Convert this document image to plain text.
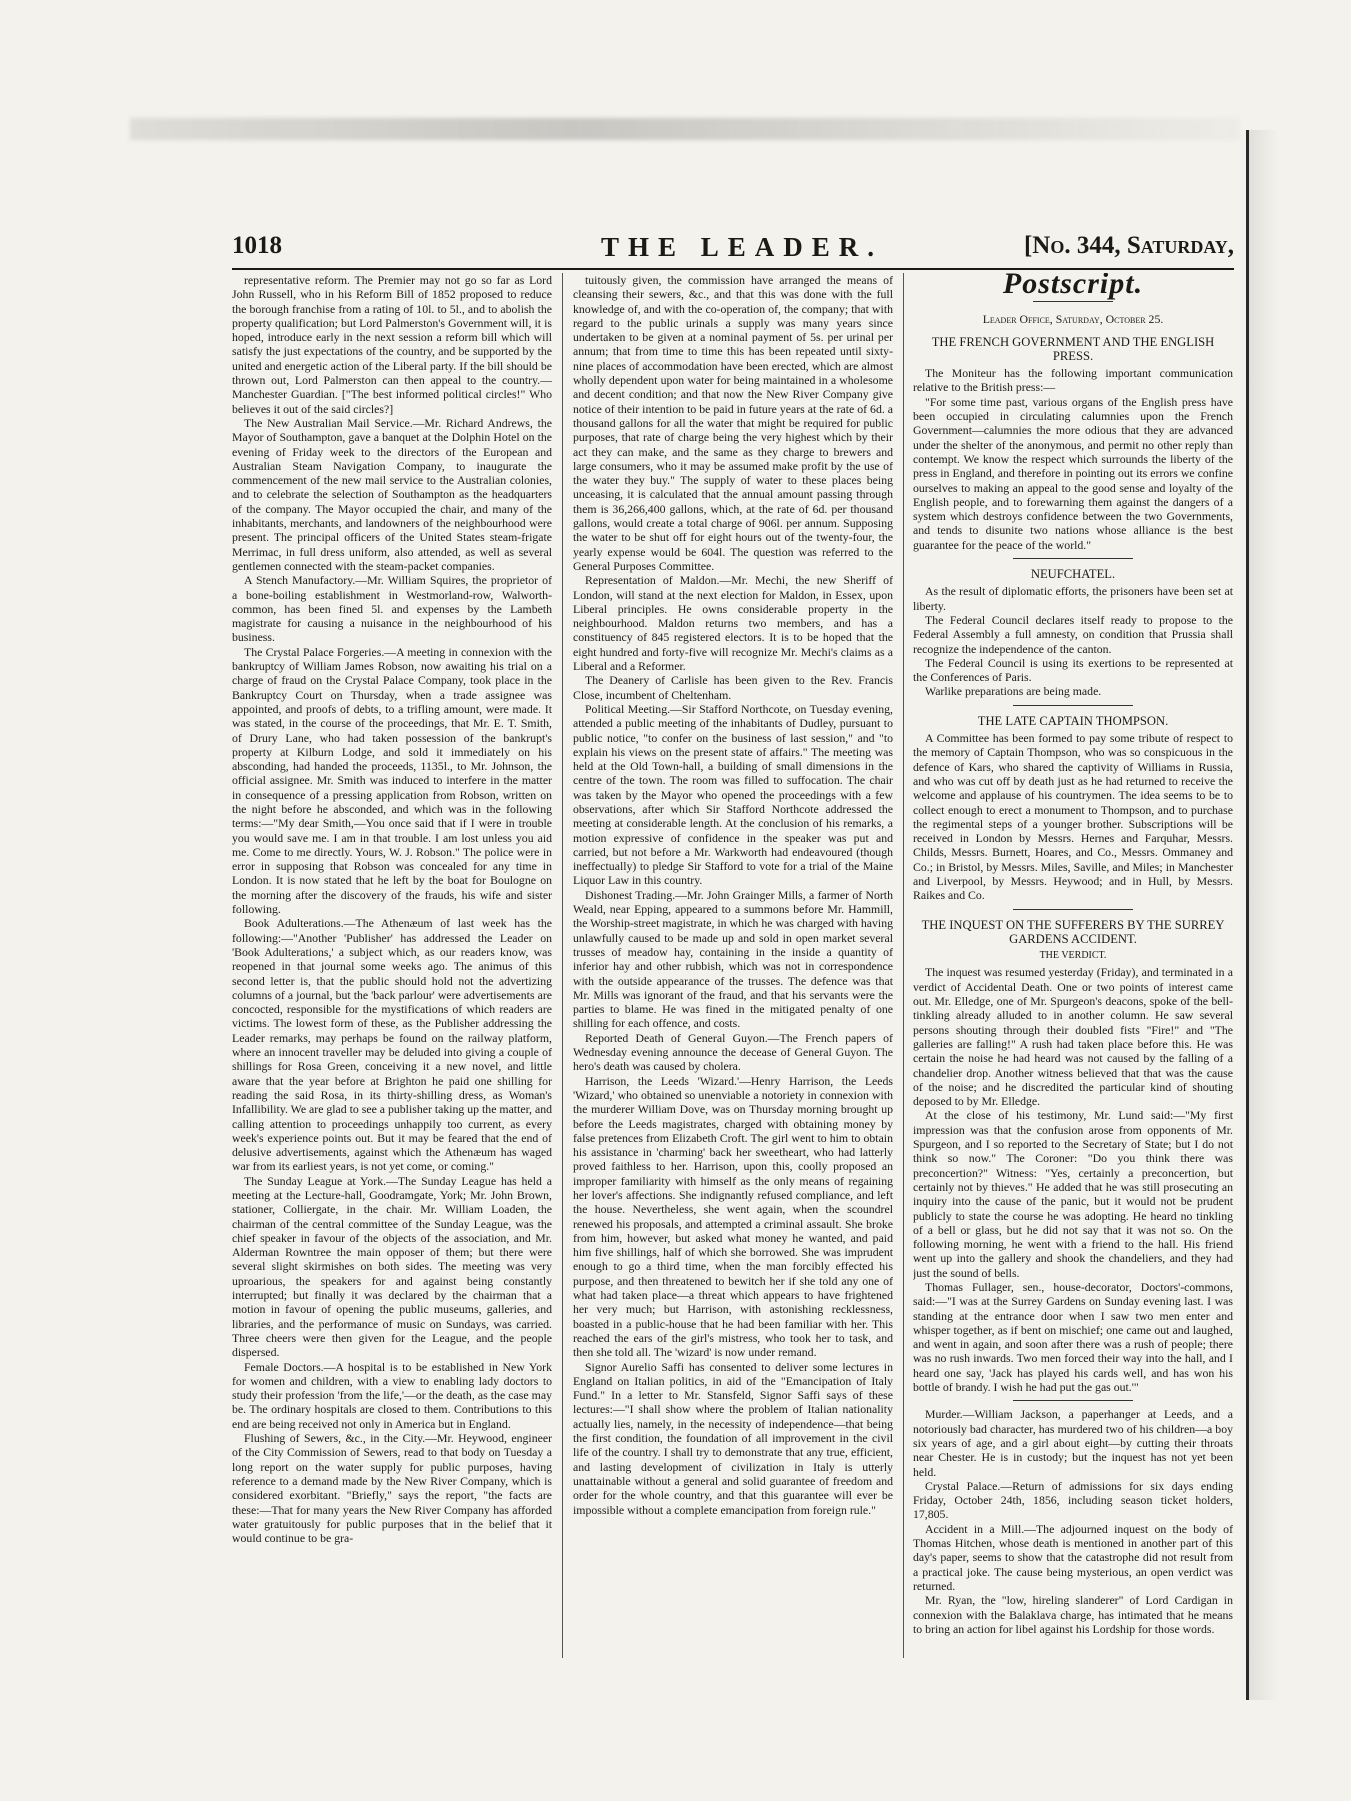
1018	THE LEADER.	[No. 344, Saturday,

representative reform. The Premier may not go so far as Lord John Russell, who in his Reform Bill of 1852 proposed to reduce the borough franchise from a rating of 10l. to 5l., and to abolish the property qualification; but Lord Palmerston's Government will, it is hoped, introduce early in the next session a reform bill which will satisfy the just expectations of the country, and be supported by the united and energetic action of the Liberal party. If the bill should be thrown out, Lord Palmerston can then appeal to the country.—Manchester Guardian. ["The best informed political circles!" Who believes it out of the said circles?]

The New Australian Mail Service.—Mr. Richard Andrews, the Mayor of Southampton, gave a banquet at the Dolphin Hotel on the evening of Friday week to the directors of the European and Australian Steam Navigation Company, to inaugurate the commencement of the new mail service to the Australian colonies, and to celebrate the selection of Southampton as the headquarters of the company. The Mayor occupied the chair, and many of the inhabitants, merchants, and landowners of the neighbourhood were present. The principal officers of the United States steam-frigate Merrimac, in full dress uniform, also attended, as well as several gentlemen connected with the steam-packet companies.

A Stench Manufactory.—Mr. William Squires, the proprietor of a bone-boiling establishment in Westmorland-row, Walworth-common, has been fined 5l. and expenses by the Lambeth magistrate for causing a nuisance in the neighbourhood of his business.

The Crystal Palace Forgeries.—A meeting in connexion with the bankruptcy of William James Robson, now awaiting his trial on a charge of fraud on the Crystal Palace Company, took place in the Bankruptcy Court on Thursday, when a trade assignee was appointed, and proofs of debts, to a trifling amount, were made. It was stated, in the course of the proceedings, that Mr. E. T. Smith, of Drury Lane, who had taken possession of the bankrupt's property at Kilburn Lodge, and sold it immediately on his absconding, had handed the proceeds, 1135l., to Mr. Johnson, the official assignee. Mr. Smith was induced to interfere in the matter in consequence of a pressing application from Robson, written on the night before he absconded, and which was in the following terms:—"My dear Smith,—You once said that if I were in trouble you would save me. I am in that trouble. I am lost unless you aid me. Come to me directly. Yours, W. J. Robson." The police were in error in supposing that Robson was concealed for any time in London. It is now stated that he left by the boat for Boulogne on the morning after the discovery of the frauds, his wife and sister following.

Book Adulterations.—The Athenæum of last week has the following:—"Another 'Publisher' has addressed the Leader on 'Book Adulterations,' a subject which, as our readers know, was reopened in that journal some weeks ago. The animus of this second letter is, that the public should hold not the advertizing columns of a journal, but the 'back parlour' were advertisements are concocted, responsible for the mystifications of which readers are victims. The lowest form of these, as the Publisher addressing the Leader remarks, may perhaps be found on the railway platform, where an innocent traveller may be deluded into giving a couple of shillings for Rosa Green, conceiving it a new novel, and little aware that the year before at Brighton he paid one shilling for reading the said Rosa, in its thirty-shilling dress, as Woman's Infallibility. We are glad to see a publisher taking up the matter, and calling attention to proceedings unhappily too current, as every week's experience points out. But it may be feared that the end of delusive advertisements, against which the Athenæum has waged war from its earliest years, is not yet come, or coming."

The Sunday League at York.—The Sunday League has held a meeting at the Lecture-hall, Goodramgate, York; Mr. John Brown, stationer, Colliergate, in the chair. Mr. William Loaden, the chairman of the central committee of the Sunday League, was the chief speaker in favour of the objects of the association, and Mr. Alderman Rowntree the main opposer of them; but there were several slight skirmishes on both sides. The meeting was very uproarious, the speakers for and against being constantly interrupted; but finally it was declared by the chairman that a motion in favour of opening the public museums, galleries, and libraries, and the performance of music on Sundays, was carried. Three cheers were then given for the League, and the people dispersed.

Female Doctors.—A hospital is to be established in New York for women and children, with a view to enabling lady doctors to study their profession 'from the life,'—or the death, as the case may be. The ordinary hospitals are closed to them. Contributions to this end are being received not only in America but in England.

Flushing of Sewers, &c., in the City.—Mr. Heywood, engineer of the City Commission of Sewers, read to that body on Tuesday a long report on the water supply for public purposes, having reference to a demand made by the New River Company, which is considered exorbitant. "Briefly," says the report, "the facts are these:—That for many years the New River Company has afforded water gratuitously for public purposes that in the belief that it would continue to be gra-

tuitously given, the commission have arranged the means of cleansing their sewers, &c., and that this was done with the full knowledge of, and with the co-operation of, the company; that with regard to the public urinals a supply was many years since undertaken to be given at a nominal payment of 5s. per urinal per annum; that from time to time this has been repeated until sixty-nine places of accommodation have been erected, which are almost wholly dependent upon water for being maintained in a wholesome and decent condition; and that now the New River Company give notice of their intention to be paid in future years at the rate of 6d. a thousand gallons for all the water that might be required for public purposes, that rate of charge being the very highest which by their act they can make, and the same as they charge to brewers and large consumers, who it may be assumed make profit by the use of the water they buy." The supply of water to these places being unceasing, it is calculated that the annual amount passing through them is 36,266,400 gallons, which, at the rate of 6d. per thousand gallons, would create a total charge of 906l. per annum. Supposing the water to be shut off for eight hours out of the twenty-four, the yearly expense would be 604l. The question was referred to the General Purposes Committee.

Representation of Maldon.—Mr. Mechi, the new Sheriff of London, will stand at the next election for Maldon, in Essex, upon Liberal principles. He owns considerable property in the neighbourhood. Maldon returns two members, and has a constituency of 845 registered electors. It is to be hoped that the eight hundred and forty-five will recognize Mr. Mechi's claims as a Liberal and a Reformer.

The Deanery of Carlisle has been given to the Rev. Francis Close, incumbent of Cheltenham.

Political Meeting.—Sir Stafford Northcote, on Tuesday evening, attended a public meeting of the inhabitants of Dudley, pursuant to public notice, "to confer on the business of last session," and "to explain his views on the present state of affairs." The meeting was held at the Old Town-hall, a building of small dimensions in the centre of the town. The room was filled to suffocation. The chair was taken by the Mayor who opened the proceedings with a few observations, after which Sir Stafford Northcote addressed the meeting at considerable length. At the conclusion of his remarks, a motion expressive of confidence in the speaker was put and carried, but not before a Mr. Warkworth had endeavoured (though ineffectually) to pledge Sir Stafford to vote for a trial of the Maine Liquor Law in this country.

Dishonest Trading.—Mr. John Grainger Mills, a farmer of North Weald, near Epping, appeared to a summons before Mr. Hammill, the Worship-street magistrate, in which he was charged with having unlawfully caused to be made up and sold in open market several trusses of meadow hay, containing in the inside a quantity of inferior hay and other rubbish, which was not in correspondence with the outside appearance of the trusses. The defence was that Mr. Mills was ignorant of the fraud, and that his servants were the parties to blame. He was fined in the mitigated penalty of one shilling for each offence, and costs.

Reported Death of General Guyon.—The French papers of Wednesday evening announce the decease of General Guyon. The hero's death was caused by cholera.

Harrison, the Leeds 'Wizard.'—Henry Harrison, the Leeds 'Wizard,' who obtained so unenviable a notoriety in connexion with the murderer William Dove, was on Thursday morning brought up before the Leeds magistrates, charged with obtaining money by false pretences from Elizabeth Croft. The girl went to him to obtain his assistance in 'charming' back her sweetheart, who had latterly proved faithless to her. Harrison, upon this, coolly proposed an improper familiarity with himself as the only means of regaining her lover's affections. She indignantly refused compliance, and left the house. Nevertheless, she went again, when the scoundrel renewed his proposals, and attempted a criminal assault. She broke from him, however, but asked what money he wanted, and paid him five shillings, half of which she borrowed. She was imprudent enough to go a third time, when the man forcibly effected his purpose, and then threatened to bewitch her if she told any one of what had taken place—a threat which appears to have frightened her very much; but Harrison, with astonishing recklessness, boasted in a public-house that he had been familiar with her. This reached the ears of the girl's mistress, who took her to task, and then she told all. The 'wizard' is now under remand.

Signor Aurelio Saffi has consented to deliver some lectures in England on Italian politics, in aid of the "Emancipation of Italy Fund." In a letter to Mr. Stansfeld, Signor Saffi says of these lectures:—"I shall show where the problem of Italian nationality actually lies, namely, in the necessity of independence—that being the first condition, the foundation of all improvement in the civil life of the country. I shall try to demonstrate that any true, efficient, and lasting development of civilization in Italy is utterly unattainable without a general and solid guarantee of freedom and order for the whole country, and that this guarantee will ever be impossible without a complete emancipation from foreign rule."

Postscript.
Leader Office, Saturday, October 25.
THE FRENCH GOVERNMENT AND THE ENGLISH PRESS.

The Moniteur has the following important communication relative to the British press:—

"For some time past, various organs of the English press have been occupied in circulating calumnies upon the French Government—calumnies the more odious that they are advanced under the shelter of the anonymous, and permit no other reply than contempt. We know the respect which surrounds the liberty of the press in England, and therefore in pointing out its errors we confine ourselves to making an appeal to the good sense and loyalty of the English people, and to forewarning them against the dangers of a system which destroys confidence between the two Governments, and tends to disunite two nations whose alliance is the best guarantee for the peace of the world."

NEUFCHATEL.

As the result of diplomatic efforts, the prisoners have been set at liberty.

The Federal Council declares itself ready to propose to the Federal Assembly a full amnesty, on condition that Prussia shall recognize the independence of the canton.

The Federal Council is using its exertions to be represented at the Conferences of Paris.

Warlike preparations are being made.

THE LATE CAPTAIN THOMPSON.

A Committee has been formed to pay some tribute of respect to the memory of Captain Thompson, who was so conspicuous in the defence of Kars, who shared the captivity of Williams in Russia, and who was cut off by death just as he had returned to receive the welcome and applause of his countrymen. The idea seems to be to collect enough to erect a monument to Thompson, and to purchase the regimental steps of a younger brother. Subscriptions will be received in London by Messrs. Hernes and Farquhar, Messrs. Childs, Messrs. Burnett, Hoares, and Co., Messrs. Ommaney and Co.; in Bristol, by Messrs. Miles, Saville, and Miles; in Manchester and Liverpool, by Messrs. Heywood; and in Hull, by Messrs. Raikes and Co.

THE INQUEST ON THE SUFFERERS BY THE SURREY GARDENS ACCIDENT.
THE VERDICT.

The inquest was resumed yesterday (Friday), and terminated in a verdict of Accidental Death. One or two points of interest came out. Mr. Elledge, one of Mr. Spurgeon's deacons, spoke of the bell-tinkling already alluded to in another column. He saw several persons shouting through their doubled fists "Fire!" and "The galleries are falling!" A rush had taken place before this. He was certain the noise he had heard was not caused by the falling of a chandelier drop. Another witness believed that that was the cause of the noise; and he discredited the particular kind of shouting deposed to by Mr. Elledge.

At the close of his testimony, Mr. Lund said:—"My first impression was that the confusion arose from opponents of Mr. Spurgeon, and I so reported to the Secretary of State; but I do not think so now." The Coroner: "Do you think there was preconcertion?" Witness: "Yes, certainly a preconcertion, but certainly not by thieves." He added that he was still prosecuting an inquiry into the cause of the panic, but it would not be prudent publicly to state the course he was adopting. He heard no tinkling of a bell or glass, but he did not say that it was not so. On the following morning, he went with a friend to the hall. His friend went up into the gallery and shook the chandeliers, and they had just the sound of bells.

Thomas Fullager, sen., house-decorator, Doctors'-commons, said:—"I was at the Surrey Gardens on Sunday evening last. I was standing at the entrance door when I saw two men enter and whisper together, as if bent on mischief; one came out and laughed, and went in again, and soon after there was a rush of people; there was no rush inwards. Two men forced their way into the hall, and I heard one say, 'Jack has played his cards well, and has won his bottle of brandy. I wish he had put the gas out.'"

Murder.—William Jackson, a paperhanger at Leeds, and a notoriously bad character, has murdered two of his children—a boy six years of age, and a girl about eight—by cutting their throats near Chester. He is in custody; but the inquest has not yet been held.

Crystal Palace.—Return of admissions for six days ending Friday, October 24th, 1856, including season ticket holders, 17,805.

Accident in a Mill.—The adjourned inquest on the body of Thomas Hitchen, whose death is mentioned in another part of this day's paper, seems to show that the catastrophe did not result from a practical joke. The cause being mysterious, an open verdict was returned.

Mr. Ryan, the "low, hireling slanderer" of Lord Cardigan in connexion with the Balaklava charge, has intimated that he means to bring an action for libel against his Lordship for those words.
